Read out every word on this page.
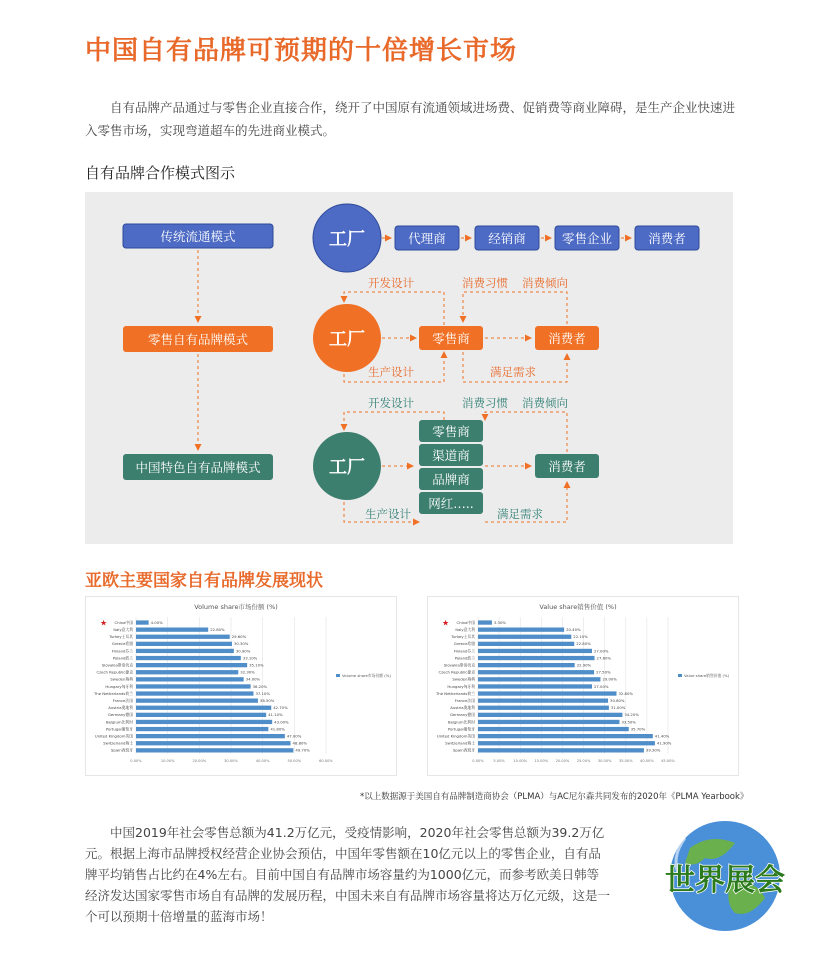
中国自有品牌可预期的十倍增长市场
自有品牌产品通过与零售企业直接合作，绕开了中国原有流通领域进场费、促销费等商业障碍，是生产企业快速进入零售市场，实现弯道超车的先进商业模式。
自有品牌合作模式图示
传统流通模式
零售自有品牌模式
中国特色自有品牌模式
工厂	代理商	经销商	零售企业	消费者
开发设计
工厂	零售商	消费者
消费习惯 消费倾向
生产设计	满足需求
开发设计
工厂
零售商
渠道商
品牌商
网红…..
消费者
消费习惯 消费倾向
生产设计	满足需求
亚欧主要国家自有品牌发展现状
Volume share市场份额 (%)
0.00%	10.00%	20.00%	30.00%	40.00%	50.00%	60.00%
China中国	4.00%
★
Italy意大利	22.80%
Turkey土耳其	29.60%
Greece希腊	30.30%
Finland芬兰	30.90%
Poland波兰	33.10%
Slovakia斯洛伐克	35.10%
Czech Republic捷克	32.30%
Sweden瑞典	34.00%
Hungary匈牙利	36.20%
The Netherlands荷兰	37.10%
France法国	38.50%
Austria奥地利	42.70%
Germany德国	41.10%
Belgium比利时	43.00%
Portugal葡萄牙	41.80%
United Kingdom英国	47.00%
Switzerland瑞士	48.80%
Spain西班牙	49.70%
Volume share市场份额 (%)
Value share销售价值 (%)
0.00%	5.00% 10.00% 15.00% 20.00% 25.00% 30.00% 35.00% 40.00% 45.00%
China中国	3.30%
★
Italy意大利	20.40%
Turkey土耳其	22.10%
Greece希腊	22.80%
Finland芬兰	27.00%
Poland波兰	27.60%
Slovakia斯洛伐克	22.90%
Czech Republic捷克	27.50%
Sweden瑞典	29.00%
Hungary匈牙利	27.00%
The Netherlands荷兰	32.80%
France法国	30.80%
Austria奥地利	31.00%
Germany德国	34.20%
Belgium比利时	33.50%
Portugal葡萄牙	35.70%
United Kingdom英国	41.40%
Switzerland瑞士	41.90%
Spain西班牙	39.30%
Value share销售价值 (%)
*以上数据源于美国自有品牌制造商协会（PLMA）与AC尼尔森共同发布的2020年《PLMA Yearbook》
中国2019年社会零售总额为41.2万亿元，受疫情影响，2020年社会零售总额为39.2万亿元。根据上海市品牌授权经营企业协会预估，中国年零售额在10亿元以上的零售企业，自有品牌平均销售占比约在4%左右。目前中国自有品牌市场容量约为1000亿元，而参考欧美日韩等经济发达国家零售市场自有品牌的发展历程，中国未来自有品牌市场容量将达万亿元级，这是一个可以预期十倍增量的蓝海市场！
世界展会
